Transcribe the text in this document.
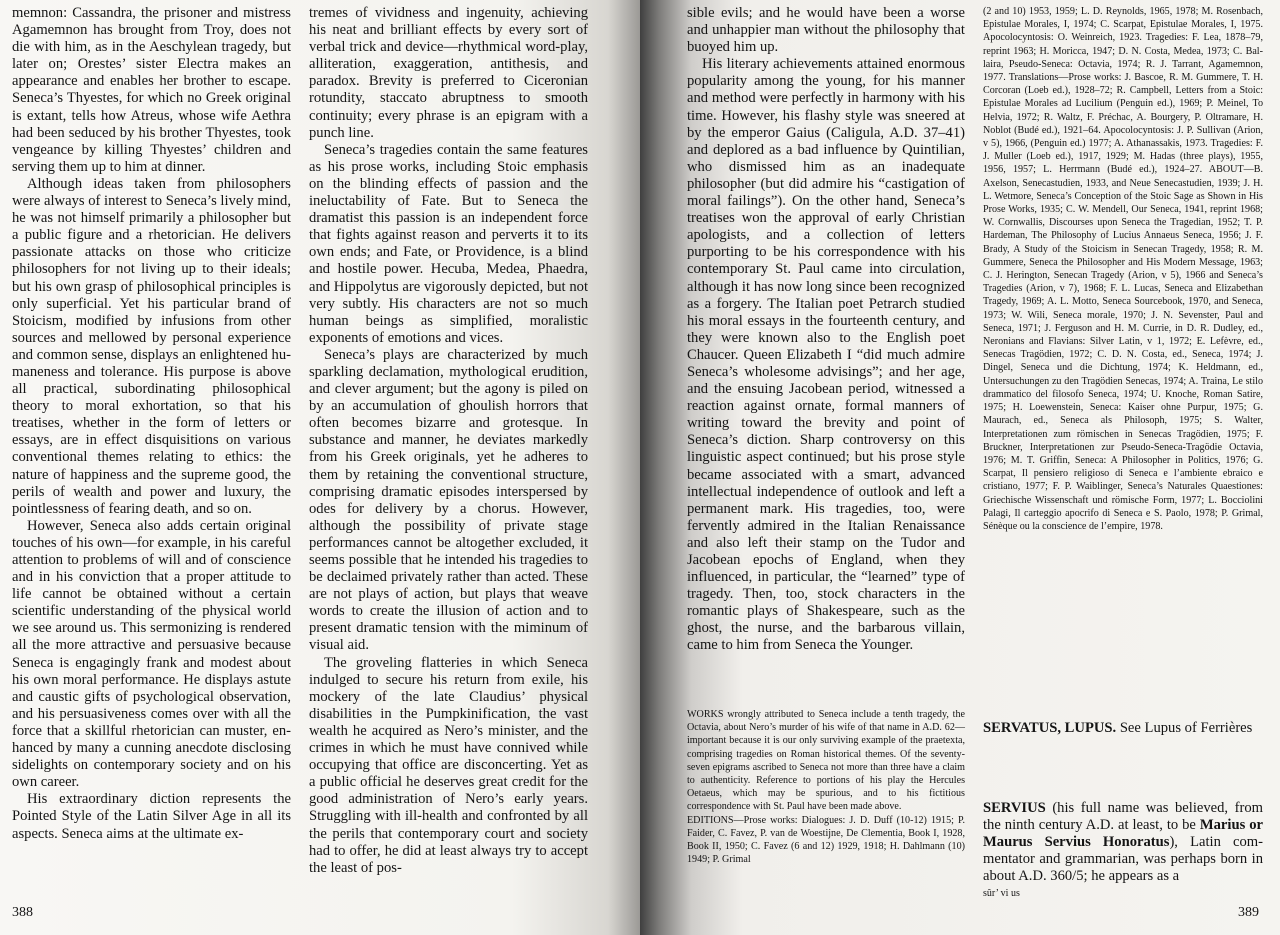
memnon: Cassandra, the prisoner and mistress Agamemnon has brought from Troy, does not die with him, as in the Aeschylean tragedy, but later on; Orestes’ sister Electra makes an appearance and enables her brother to escape. Seneca’s Thyestes, for which no Greek original is extant, tells how Atreus, whose wife Aethra had been seduced by his brother Thyestes, took vengeance by killing Thyestes’ children and serving them up to him at dinner.

Although ideas taken from philosophers were always of interest to Seneca’s lively mind, he was not himself primarily a philosopher but a public figure and a rhetorician. He delivers passionate attacks on those who criticize philosophers for not living up to their ideals; but his own grasp of philosophical principles is only superficial. Yet his particular brand of Stoicism, modified by infusions from other sources and mellowed by personal experience and common sense, displays an enlightened humaneness and tolerance. His purpose is above all practical, subordinating philosophical theory to moral exhortation, so that his treatises, whether in the form of letters or essays, are in effect disquisitions on various conventional themes relating to ethics: the nature of happiness and the supreme good, the perils of wealth and power and luxury, the pointlessness of fearing death, and so on.

However, Seneca also adds certain original touches of his own—for example, in his careful attention to problems of will and of conscience and in his conviction that a proper attitude to life cannot be obtained without a certain scientific understanding of the physical world we see around us. This sermonizing is rendered all the more attractive and persuasive because Seneca is engagingly frank and modest about his own moral performance. He displays astute and caustic gifts of psychological observation, and his persuasiveness comes over with all the force that a skillful rhetorician can muster, enhanced by many a cunning anecdote disclosing sidelights on contemporary society and on his own career.

His extraordinary diction represents the Pointed Style of the Latin Silver Age in all its aspects. Seneca aims at the ultimate ex-

tremes of vividness and ingenuity, achieving his neat and brilliant effects by every sort of verbal trick and device—rhythmical word-play, alliteration, exaggeration, antithesis, and paradox. Brevity is preferred to Ciceronian rotundity, staccato abruptness to smooth continuity; every phrase is an epigram with a punch line.

Seneca’s tragedies contain the same features as his prose works, including Stoic emphasis on the blinding effects of passion and the ineluctability of Fate. But to Seneca the dramatist this passion is an independent force that fights against reason and perverts it to its own ends; and Fate, or Providence, is a blind and hostile power. Hecuba, Medea, Phaedra, and Hippolytus are vigorously depicted, but not very subtly. His characters are not so much human beings as simplified, moralistic exponents of emotions and vices.

Seneca’s plays are characterized by much sparkling declamation, mythological erudition, and clever argument; but the agony is piled on by an accumulation of ghoulish horrors that often becomes bizarre and grotesque. In substance and manner, he deviates markedly from his Greek originals, yet he adheres to them by retaining the conventional structure, comprising dramatic episodes interspersed by odes for delivery by a chorus. However, although the possibility of private stage performances cannot be altogether excluded, it seems possible that he intended his tragedies to be declaimed privately rather than acted. These are not plays of action, but plays that weave words to create the illusion of action and to present dramatic tension with the miminum of visual aid.

The groveling flatteries in which Seneca indulged to secure his return from exile, his mockery of the late Claudius’ physical disabilities in the Pumpkinification, the vast wealth he acquired as Nero’s minister, and the crimes in which he must have connived while occupying that office are disconcerting. Yet as a public official he deserves great credit for the good administration of Nero’s early years. Struggling with ill-health and confronted by all the perils that contemporary court and society had to offer, he did at least always try to accept the least of pos-

388

sible evils; and he would have been a worse and unhappier man without the philosophy that buoyed him up.

His literary achievements attained enormous popularity among the young, for his manner and method were perfectly in harmony with his time. However, his flashy style was sneered at by the emperor Gaius (Caligula, A.D. 37–41) and deplored as a bad influence by Quintilian, who dismissed him as an inadequate philosopher (but did admire his “castigation of moral failings”). On the other hand, Seneca’s treatises won the approval of early Christian apologists, and a collection of letters purporting to be his correspondence with his contemporary St. Paul came into circulation, although it has now long since been recognized as a forgery. The Italian poet Petrarch studied his moral essays in the fourteenth century, and they were known also to the English poet Chaucer. Queen Elizabeth I “did much admire Seneca’s wholesome advisings”; and her age, and the ensuing Jacobean period, witnessed a reaction against ornate, formal manners of writing toward the brevity and point of Seneca’s diction. Sharp controversy on this linguistic aspect continued; but his prose style became associated with a smart, advanced intellectual independence of outlook and left a permanent mark. His tragedies, too, were fervently admired in the Italian Renaissance and also left their stamp on the Tudor and Jacobean epochs of England, when they influenced, in particular, the “learned” type of tragedy. Then, too, stock characters in the romantic plays of Shakespeare, such as the ghost, the nurse, and the barbarous villain, came to him from Seneca the Younger.

WORKS wrongly attributed to Seneca include a tenth tragedy, the Octavia, about Nero’s murder of his wife of that name in A.D. 62—important because it is our only surviving example of the praetexta, comprising tragedies on Roman historical themes. Of the seventy-seven epigrams ascribed to Seneca not more than three have a claim to authenticity. Reference to portions of his play the Hercules Oetaeus, which may be spurious, and to his fictitious correspondence with St. Paul have been made above.

EDITIONS—Prose works: Dialogues: J. D. Duff (10-12) 1915; P. Faider, C. Favez, P. van de Woestijne, De Clementia, Book I, 1928, Book II, 1950; C. Favez (6 and 12) 1929, 1918; H. Dahlmann (10) 1949; P. Grimal

(2 and 10) 1953, 1959; L. D. Reynolds, 1965, 1978; M. Rosenbach, Epistulae Morales, I, 1974; C. Scarpat, Epistulae Morales, I, 1975. Apocolocyntosis: O. Weinreich, 1923. Tragedies: F. Lea, 1878–79, reprint 1963; H. Moricca, 1947; D. N. Costa, Medea, 1973; C. Ballaira, Pseudo-Seneca: Octavia, 1974; R. J. Tarrant, Agamemnon, 1977. Translations—Prose works: J. Bascoe, R. M. Gummere, T. H. Corcoran (Loeb ed.), 1928–72; R. Campbell, Letters from a Stoic: Epistulae Morales ad Lucilium (Penguin ed.), 1969; P. Meinel, To Helvia, 1972; R. Waltz, F. Préchac, A. Bourgery, P. Oltramare, H. Noblot (Budé ed.), 1921–64. Apocolocyntosis: J. P. Sullivan (Arion, v 5), 1966, (Penguin ed.) 1977; A. Athanassakis, 1973. Tragedies: F. J. Muller (Loeb ed.), 1917, 1929; M. Hadas (three plays), 1955, 1956, 1957; L. Herrmann (Budé ed.), 1924–27. ABOUT—B. Axelson, Senecastudien, 1933, and Neue Senecastudien, 1939; J. H. L. Wetmore, Seneca’s Conception of the Stoic Sage as Shown in His Prose Works, 1935; C. W. Mendell, Our Seneca, 1941, reprint 1968; W. Cornwallis, Discourses upon Seneca the Tragedian, 1952; T. P. Hardeman, The Philosophy of Lucius Annaeus Seneca, 1956; J. F. Brady, A Study of the Stoicism in Senecan Tragedy, 1958; R. M. Gummere, Seneca the Philosopher and His Modern Message, 1963; C. J. Herington, Senecan Tragedy (Arion, v 5), 1966 and Seneca’s Tragedies (Arion, v 7), 1968; F. L. Lucas, Seneca and Elizabethan Tragedy, 1969; A. L. Motto, Seneca Sourcebook, 1970, and Seneca, 1973; W. Wili, Seneca morale, 1970; J. N. Sevenster, Paul and Seneca, 1971; J. Ferguson and H. M. Currie, in D. R. Dudley, ed., Neronians and Flavians: Silver Latin, v 1, 1972; E. Lefèvre, ed., Senecas Tragödien, 1972; C. D. N. Costa, ed., Seneca, 1974; J. Dingel, Seneca und die Dichtung, 1974; K. Heldmann, ed., Untersuchungen zu den Tragödien Senecas, 1974; A. Traina, Le stilo drammatico del filosofo Seneca, 1974; U. Knoche, Roman Satire, 1975; H. Loewenstein, Seneca: Kaiser ohne Purpur, 1975; G. Maurach, ed., Seneca als Philosoph, 1975; S. Walter, Interpretationen zum römischen in Senecas Tragödien, 1975; F. Bruckner, Interpretationen zur Pseudo-Seneca-Tragödie Octavia, 1976; M. T. Griffin, Seneca: A Philosopher in Politics, 1976; G. Scarpat, Il pensiero religioso di Seneca e l’ambiente ebraico e cristiano, 1977; F. P. Waiblinger, Seneca’s Naturales Quaestiones: Griechische Wissenschaft und römische Form, 1977; L. Bocciolini Palagi, Il carteggio apocrifo di Seneca e S. Paolo, 1978; P. Grimal, Sénèque ou la conscience de l’empire, 1978.

SERVATUS, LUPUS. See Lupus of Ferrières

SERVIUS (his full name was believed, from the ninth century A.D. at least, to be Marius or Maurus Servius Honoratus), Latin commentator and grammarian, was perhaps born in about A.D. 360/5; he appears as a

sûr’ vi us

389
